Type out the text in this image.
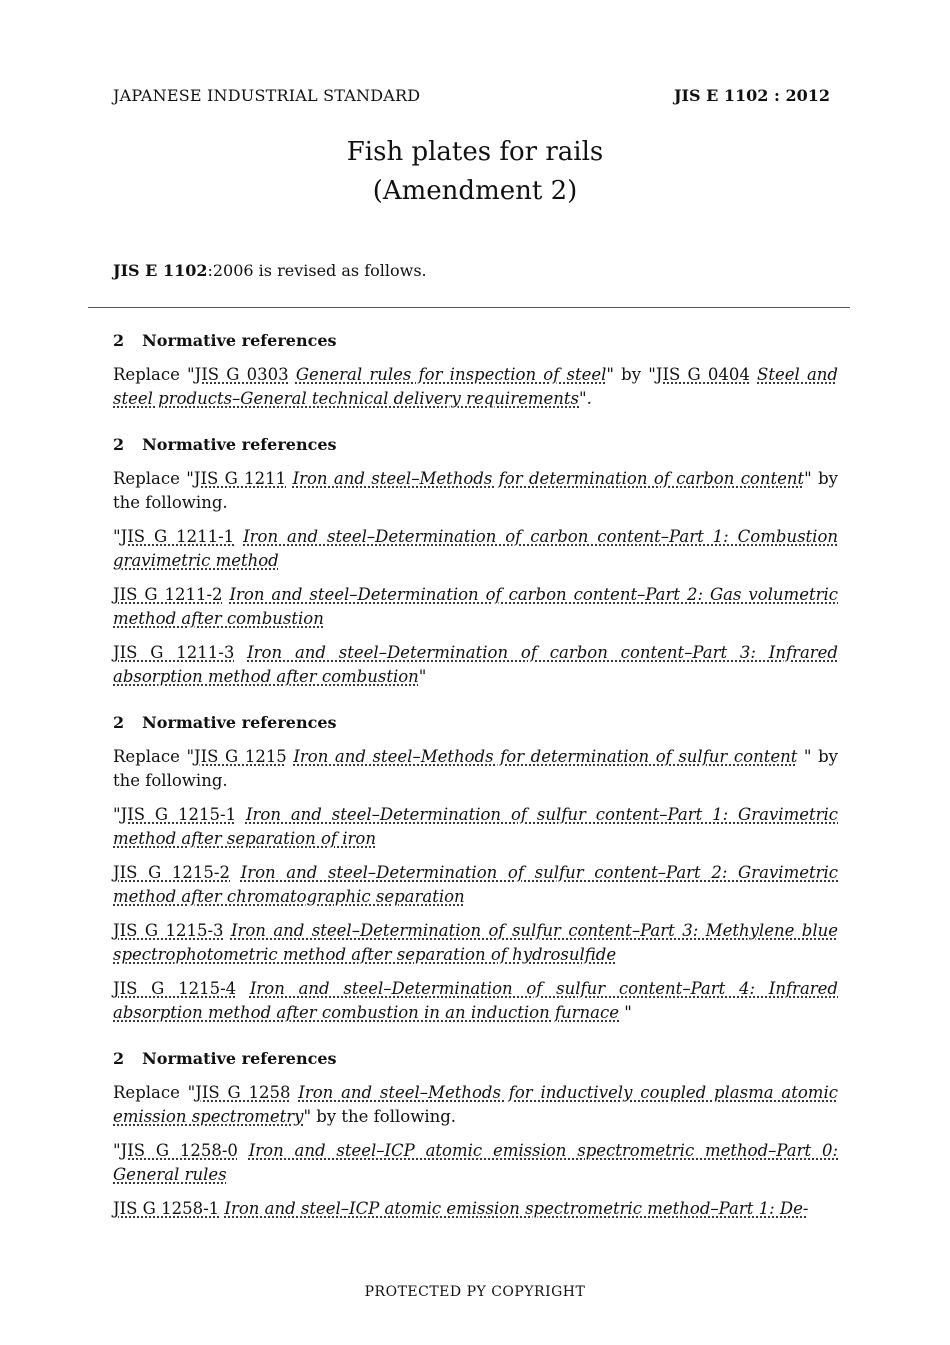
JAPANESE INDUSTRIAL STANDARD	JIS E 1102 : 2012
Fish plates for rails
(Amendment 2)
JIS E 1102:2006 is revised as follows.
2 Normative references

Replace "JIS G 0303 General rules for inspection of steel" by "JIS G 0404 Steel and steel products–General technical delivery requirements".

2 Normative references

Replace "JIS G 1211 Iron and steel–Methods for determination of carbon content" by the following.

"JIS G 1211-1 Iron and steel–Determination of carbon content–Part 1: Combustion gravimetric method

JIS G 1211-2 Iron and steel–Determination of carbon content–Part 2: Gas volumetric method after combustion

JIS G 1211-3 Iron and steel–Determination of carbon content–Part 3: Infrared absorption method after combustion"

2 Normative references

Replace "JIS G 1215 Iron and steel–Methods for determination of sulfur content " by the following.

"JIS G 1215-1 Iron and steel–Determination of sulfur content–Part 1: Gravimetric method after separation of iron

JIS G 1215-2 Iron and steel–Determination of sulfur content–Part 2: Gravimetric method after chromatographic separation

JIS G 1215-3 Iron and steel–Determination of sulfur content–Part 3: Methylene blue spectrophotometric method after separation of hydrosulfide

JIS G 1215-4 Iron and steel–Determination of sulfur content–Part 4: Infrared absorption method after combustion in an induction furnace "

2 Normative references

Replace "JIS G 1258 Iron and steel–Methods for inductively coupled plasma atomic emission spectrometry" by the following.

"JIS G 1258-0 Iron and steel–ICP atomic emission spectrometric method–Part 0: General rules

JIS G 1258-1 Iron and steel–ICP atomic emission spectrometric method–Part 1: De-

PROTECTED PY COPYRIGHT
